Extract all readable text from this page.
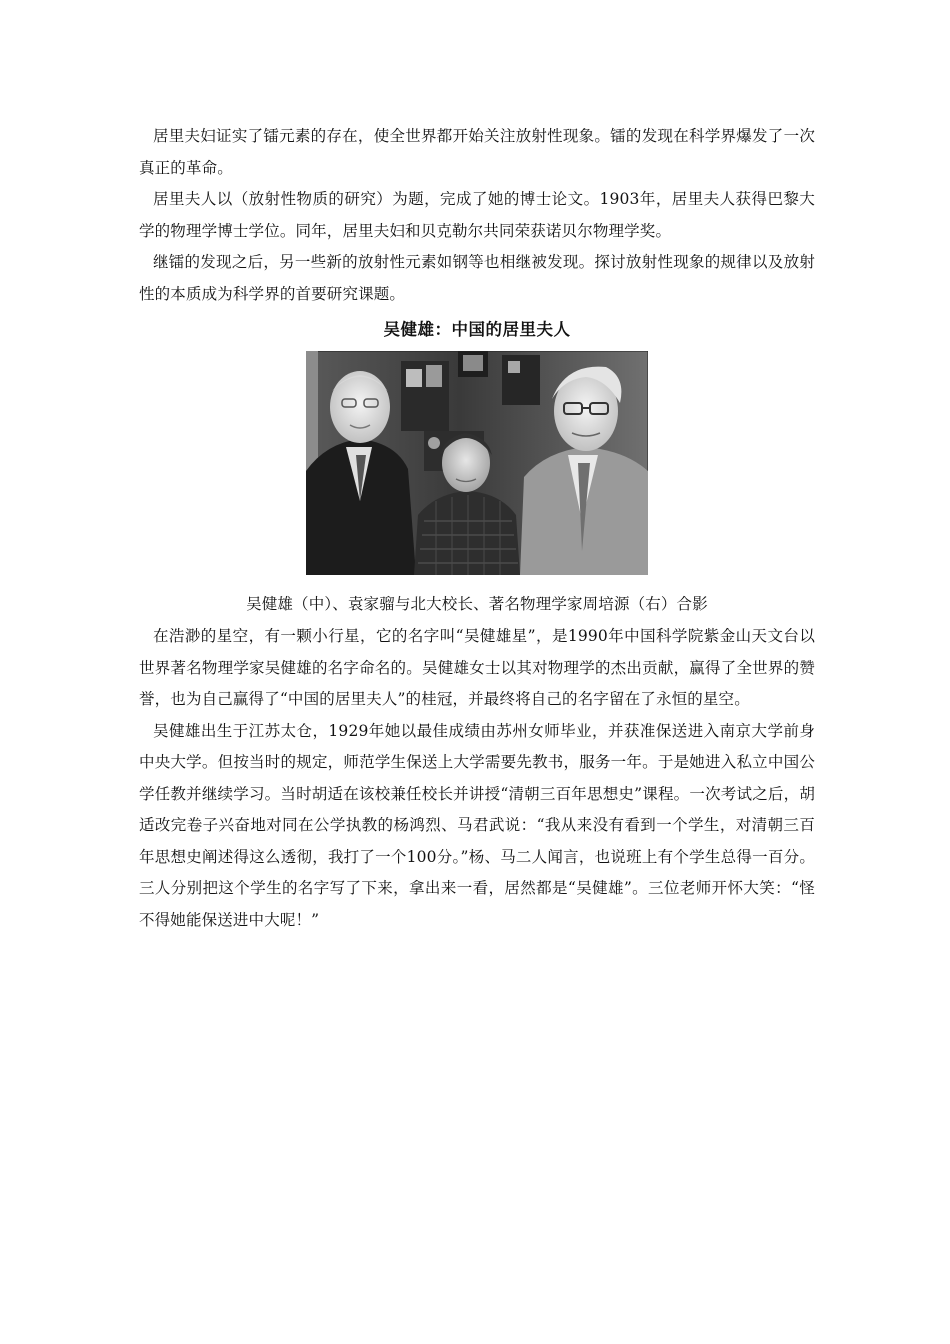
居里夫妇证实了镭元素的存在，使全世界都开始关注放射性现象。镭的发现在科学界爆发了一次真正的革命。

居里夫人以（放射性物质的研究）为题，完成了她的博士论文。1903年，居里夫人获得巴黎大学的物理学博士学位。同年，居里夫妇和贝克勒尔共同荣获诺贝尔物理学奖。

继镭的发现之后，另一些新的放射性元素如钢等也相继被发现。探讨放射性现象的规律以及放射性的本质成为科学界的首要研究课题。

吴健雄：中国的居里夫人

吴健雄（中）、袁家骝与北大校长、著名物理学家周培源（右）合影

在浩渺的星空，有一颗小行星，它的名字叫“吴健雄星”，是1990年中国科学院紫金山天文台以世界著名物理学家吴健雄的名字命名的。吴健雄女士以其对物理学的杰出贡献，赢得了全世界的赞誉，也为自己赢得了“中国的居里夫人”的桂冠，并最终将自己的名字留在了永恒的星空。

吴健雄出生于江苏太仓，1929年她以最佳成绩由苏州女师毕业，并获准保送进入南京大学前身中央大学。但按当时的规定，师范学生保送上大学需要先教书，服务一年。于是她进入私立中国公学任教并继续学习。当时胡适在该校兼任校长并讲授“清朝三百年思想史”课程。一次考试之后，胡适改完卷子兴奋地对同在公学执教的杨鸿烈、马君武说：“我从来没有看到一个学生，对清朝三百年思想史阐述得这么透彻，我打了一个100分。”杨、马二人闻言，也说班上有个学生总得一百分。三人分别把这个学生的名字写了下来，拿出来一看，居然都是“吴健雄”。三位老师开怀大笑：“怪不得她能保送进中大呢！”
